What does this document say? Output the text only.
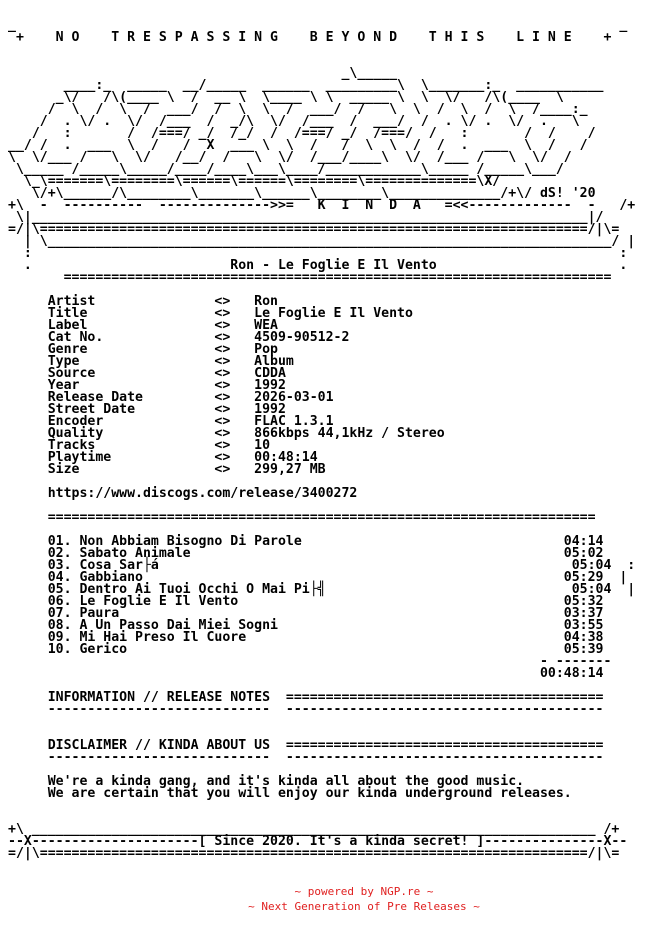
_                                                                            _
+    N O    T R E S P A S S I N G    B E Y O N D    T H I S    L I N E    +

_\_____
____:_  _____  __/_____  ______  _________\  \_______:_  ___________
_\/   /\(____ \  /  __ \  \____ \ \  _____ \  \  \/   /\(____  \
/  \  /  \  /  ___/  /  \  \  /  ___/  /   \  \  /  \  /  \  /____:_
/  . \/ .  \/  /___  /  _/\  \/  /___  /  ___/  /  . \/ .  \/  .   \
/   :       /  /===/ _/  /_/  /  /===/ _/  /===/  /   :       /  /    /
__/ /  .  ___  \  /   /  X  ___ \  \  /   /  \  \  /  /  .  ___  \  /   /
\  \/___ /   \  \/   /__/  /   \  \/  /___/____\  \/  /___ /   \  \/  /
\_____ /_____\_____/____/____\___\____/____________\_____ /_____\___/
\_\=======\========\======\======\========\==============\X/
\/+\______/\________\_______\______\________\______________/+\/ dS! '20
+\  -  ----------  -------------->>=   K  I  N  D  A   =<<-------------  -   /+
\|______________________________________________________________________|/
=/|\=====================================================================/|\=
| \_______________________________________________________________________/ |
:                                                                          :
.                         Ron - Le Foglie E Il Vento                       .
=====================================================================

Artist               <>   Ron
Title                <>   Le Foglie E Il Vento
Label                <>   WEA
Cat No.              <>   4509-90512-2
Genre                <>   Pop
Type                 <>   Album
Source               <>   CDDA
Year                 <>   1992
Release Date         <>   2026-03-01
Street Date          <>   1992
Encoder              <>   FLAC 1.3.1
Quality              <>   866kbps 44,1kHz / Stereo
Tracks               <>   10
Playtime             <>   00:48:14
Size                 <>   299,27 MB

https://www.discogs.com/release/3400272

=====================================================================

01. Non Abbiam Bisogno Di Parole                                 04:14
02. Sabato Animale                                               05:02
03. Cosa Sar├á                                                    05:04  :
04. Gabbiano                                                     05:29  |
05. Dentro Ai Tuoi Occhi O Mai Pi├╣                               05:04  |
06. Le Foglie E Il Vento                                         05:32
07. Paura                                                        03:37
08. A Un Passo Dai Miei Sogni                                    03:55
09. Mi Hai Preso Il Cuore                                        04:38
10. Gerico                                                       05:39
- -------
00:48:14

INFORMATION // RELEASE NOTES  ========================================
----------------------------  ----------------------------------------

DISCLAIMER // KINDA ABOUT US  ========================================
----------------------------  ----------------------------------------

We're a kinda gang, and it's kinda all about the good music.
We are certain that you will enjoy our kinda underground releases.

+\ _______________________________________________________________________ /+
--X---------------------[ Since 2020. It's a kinda secret! ]---------------X--
=/|\=====================================================================/|\=
~ powered by NGP.re ~
~ Next Generation of Pre Releases ~
